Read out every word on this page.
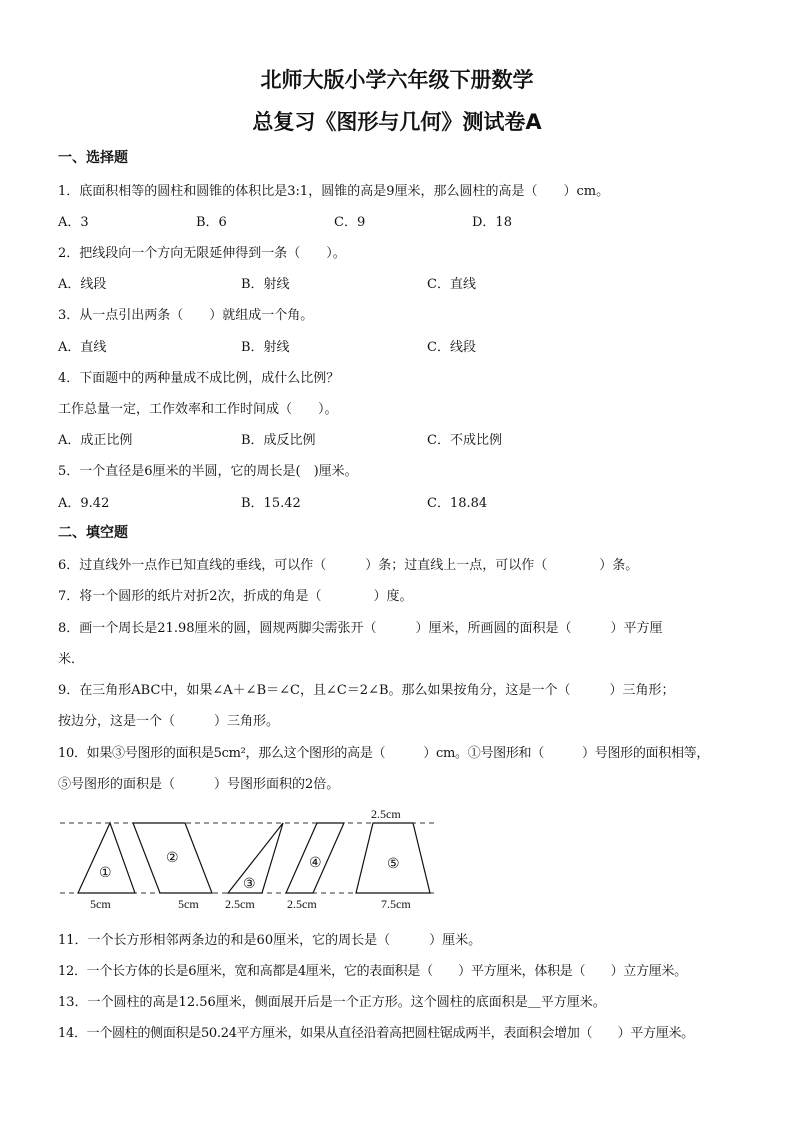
北师大版小学六年级下册数学
总复习《图形与几何》测试卷A
一、选择题
1．底面积相等的圆柱和圆锥的体积比是3:1，圆锥的高是9厘米，那么圆柱的高是（　　）cm。
A．3	B．6	C．9	D．18
2．把线段向一个方向无限延伸得到一条（　　）。
A．线段	B．射线	C．直线
3．从一点引出两条（　　）就组成一个角。
A．直线	B．射线	C．线段
4．下面题中的两种量成不成比例，成什么比例？
工作总量一定，工作效率和工作时间成（　　）。
A．成正比例	B．成反比例	C．不成比例
5．一个直径是6厘米的半圆，它的周长是(　)厘米。
A．9.42	B．15.42	C．18.84
二、填空题
6．过直线外一点作已知直线的垂线，可以作（　　　）条；过直线上一点，可以作（　　　　）条。
7．将一个圆形的纸片对折2次，折成的角是（　　　　）度。
8．画一个周长是21.98厘米的圆，圆规两脚尖需张开（　　　）厘米，所画圆的面积是（　　　）平方厘
米．
9．在三角形ABC中，如果∠A＋∠B＝∠C，且∠C＝2∠B。那么如果按角分，这是一个（　　　）三角形；
按边分，这是一个（　　　）三角形。
10．如果③号图形的面积是5cm²，那么这个图形的高是（　　　）cm。①号图形和（　　　）号图形的面积相等，
⑤号图形的面积是（　　　）号图形面积的2倍。
①
②
③
④	⑤
2.5cm
5cm	5cm 2.5cm	2.5cm	7.5cm
11．一个长方形相邻两条边的和是60厘米，它的周长是（　　　）厘米。
12．一个长方体的长是6厘米，宽和高都是4厘米，它的表面积是（　　）平方厘米，体积是（　　）立方厘米。
13．一个圆柱的高是12.56厘米，侧面展开后是一个正方形。这个圆柱的底面积是＿平方厘米。
14．一个圆柱的侧面积是50.24平方厘米，如果从直径沿着高把圆柱锯成两半，表面积会增加（　　）平方厘米。
